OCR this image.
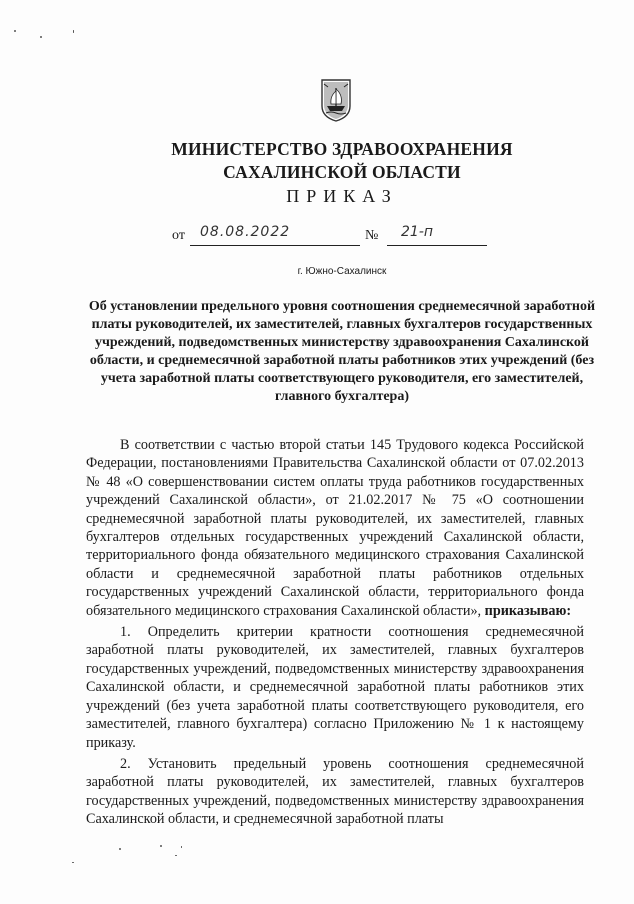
МИНИСТЕРСТВО ЗДРАВООХРАНЕНИЯ
САХАЛИНСКОЙ ОБЛАСТИ
ПРИКАЗ
от	08.08.2022	№	21-п
г. Южно-Сахалинск
Об установлении предельного уровня соотношения среднемесячной заработной платы руководителей, их заместителей, главных бухгалтеров государственных учреждений, подведомственных министерству здравоохранения Сахалинской области, и среднемесячной заработной платы работников этих учреждений (без учета заработной платы соответствующего руководителя, его заместителей, главного бухгалтера)

В соответствии с частью второй статьи 145 Трудового кодекса Российской Федерации, постановлениями Правительства Сахалинской области от 07.02.2013 № 48 «О совершенствовании систем оплаты труда работников государственных учреждений Сахалинской области», от 21.02.2017 № 75 «О соотношении среднемесячной заработной платы руководителей, их заместителей, главных бухгалтеров отдельных государственных учреждений Сахалинской области, территориального фонда обязательного медицинского страхования Сахалинской области и среднемесячной заработной платы работников отдельных государственных учреждений Сахалинской области, территориального фонда обязательного медицинского страхования Сахалинской области», приказываю:

1. Определить критерии кратности соотношения среднемесячной заработной платы руководителей, их заместителей, главных бухгалтеров государственных учреждений, подведомственных министерству здравоохранения Сахалинской области, и среднемесячной заработной платы работников этих учреждений (без учета заработной платы соответствующего руководителя, его заместителей, главного бухгалтера) согласно Приложению № 1 к настоящему приказу.

2. Установить предельный уровень соотношения среднемесячной заработной платы руководителей, их заместителей, главных бухгалтеров государственных учреждений, подведомственных министерству здравоохранения Сахалинской области, и среднемесячной заработной платы
